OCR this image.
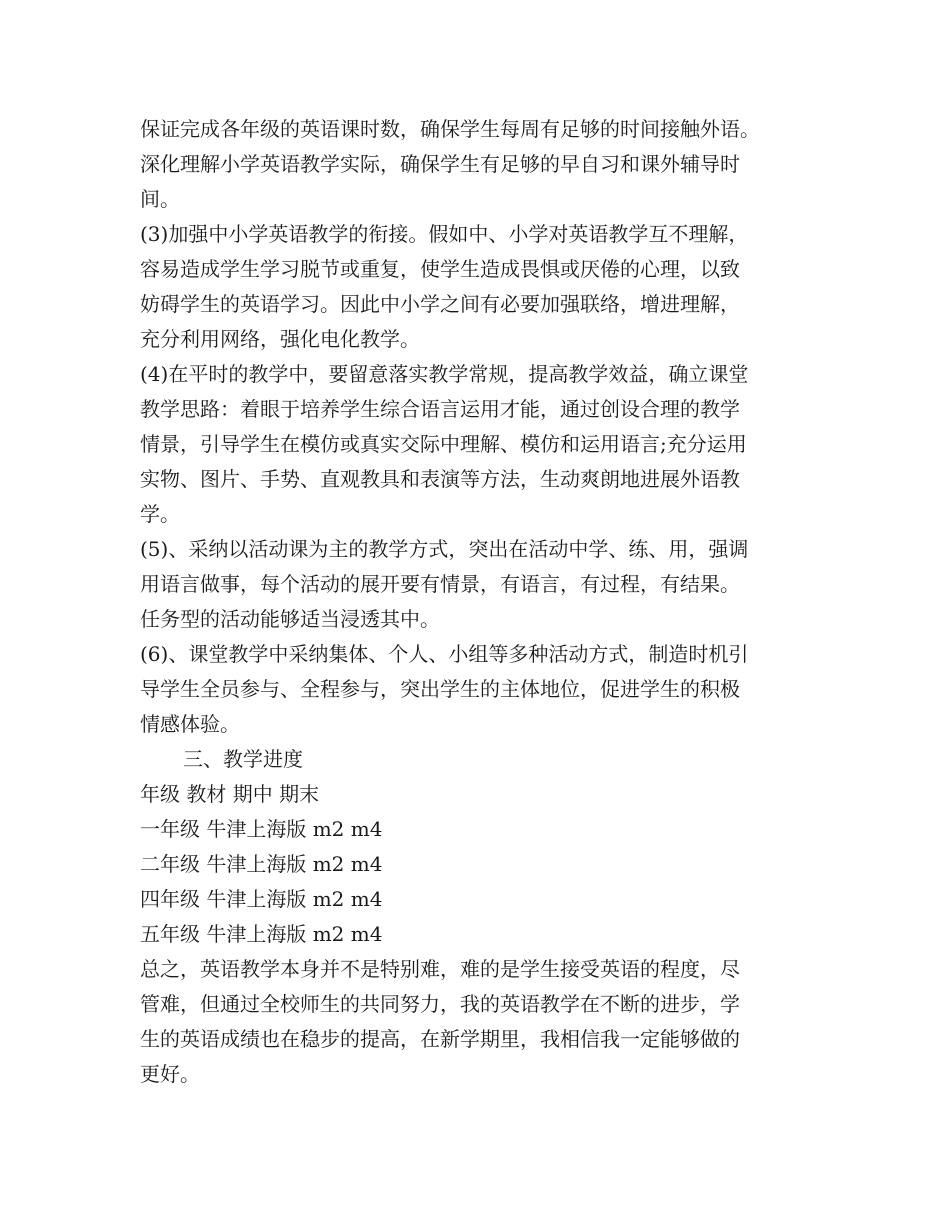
保证完成各年级的英语课时数，确保学生每周有足够的时间接触外语。
深化理解小学英语教学实际，确保学生有足够的早自习和课外辅导时
间。
(3)加强中小学英语教学的衔接。假如中、小学对英语教学互不理解，
容易造成学生学习脱节或重复，使学生造成畏惧或厌倦的心理，以致
妨碍学生的英语学习。因此中小学之间有必要加强联络，增进理解，
充分利用网络，强化电化教学。
(4)在平时的教学中，要留意落实教学常规，提高教学效益，确立课堂
教学思路：着眼于培养学生综合语言运用才能，通过创设合理的教学
情景，引导学生在模仿或真实交际中理解、模仿和运用语言;充分运用
实物、图片、手势、直观教具和表演等方法，生动爽朗地进展外语教
学。
(5)、采纳以活动课为主的教学方式，突出在活动中学、练、用，强调
用语言做事，每个活动的展开要有情景，有语言，有过程，有结果。
任务型的活动能够适当浸透其中。
(6)、课堂教学中采纳集体、个人、小组等多种活动方式，制造时机引
导学生全员参与、全程参与，突出学生的主体地位，促进学生的积极
情感体验。
三、教学进度
年级 教材 期中 期末
一年级 牛津上海版 m2 m4
二年级 牛津上海版 m2 m4
四年级 牛津上海版 m2 m4
五年级 牛津上海版 m2 m4
总之，英语教学本身并不是特别难，难的是学生接受英语的程度，尽
管难，但通过全校师生的共同努力，我的英语教学在不断的进步，学
生的英语成绩也在稳步的提高，在新学期里，我相信我一定能够做的
更好。
